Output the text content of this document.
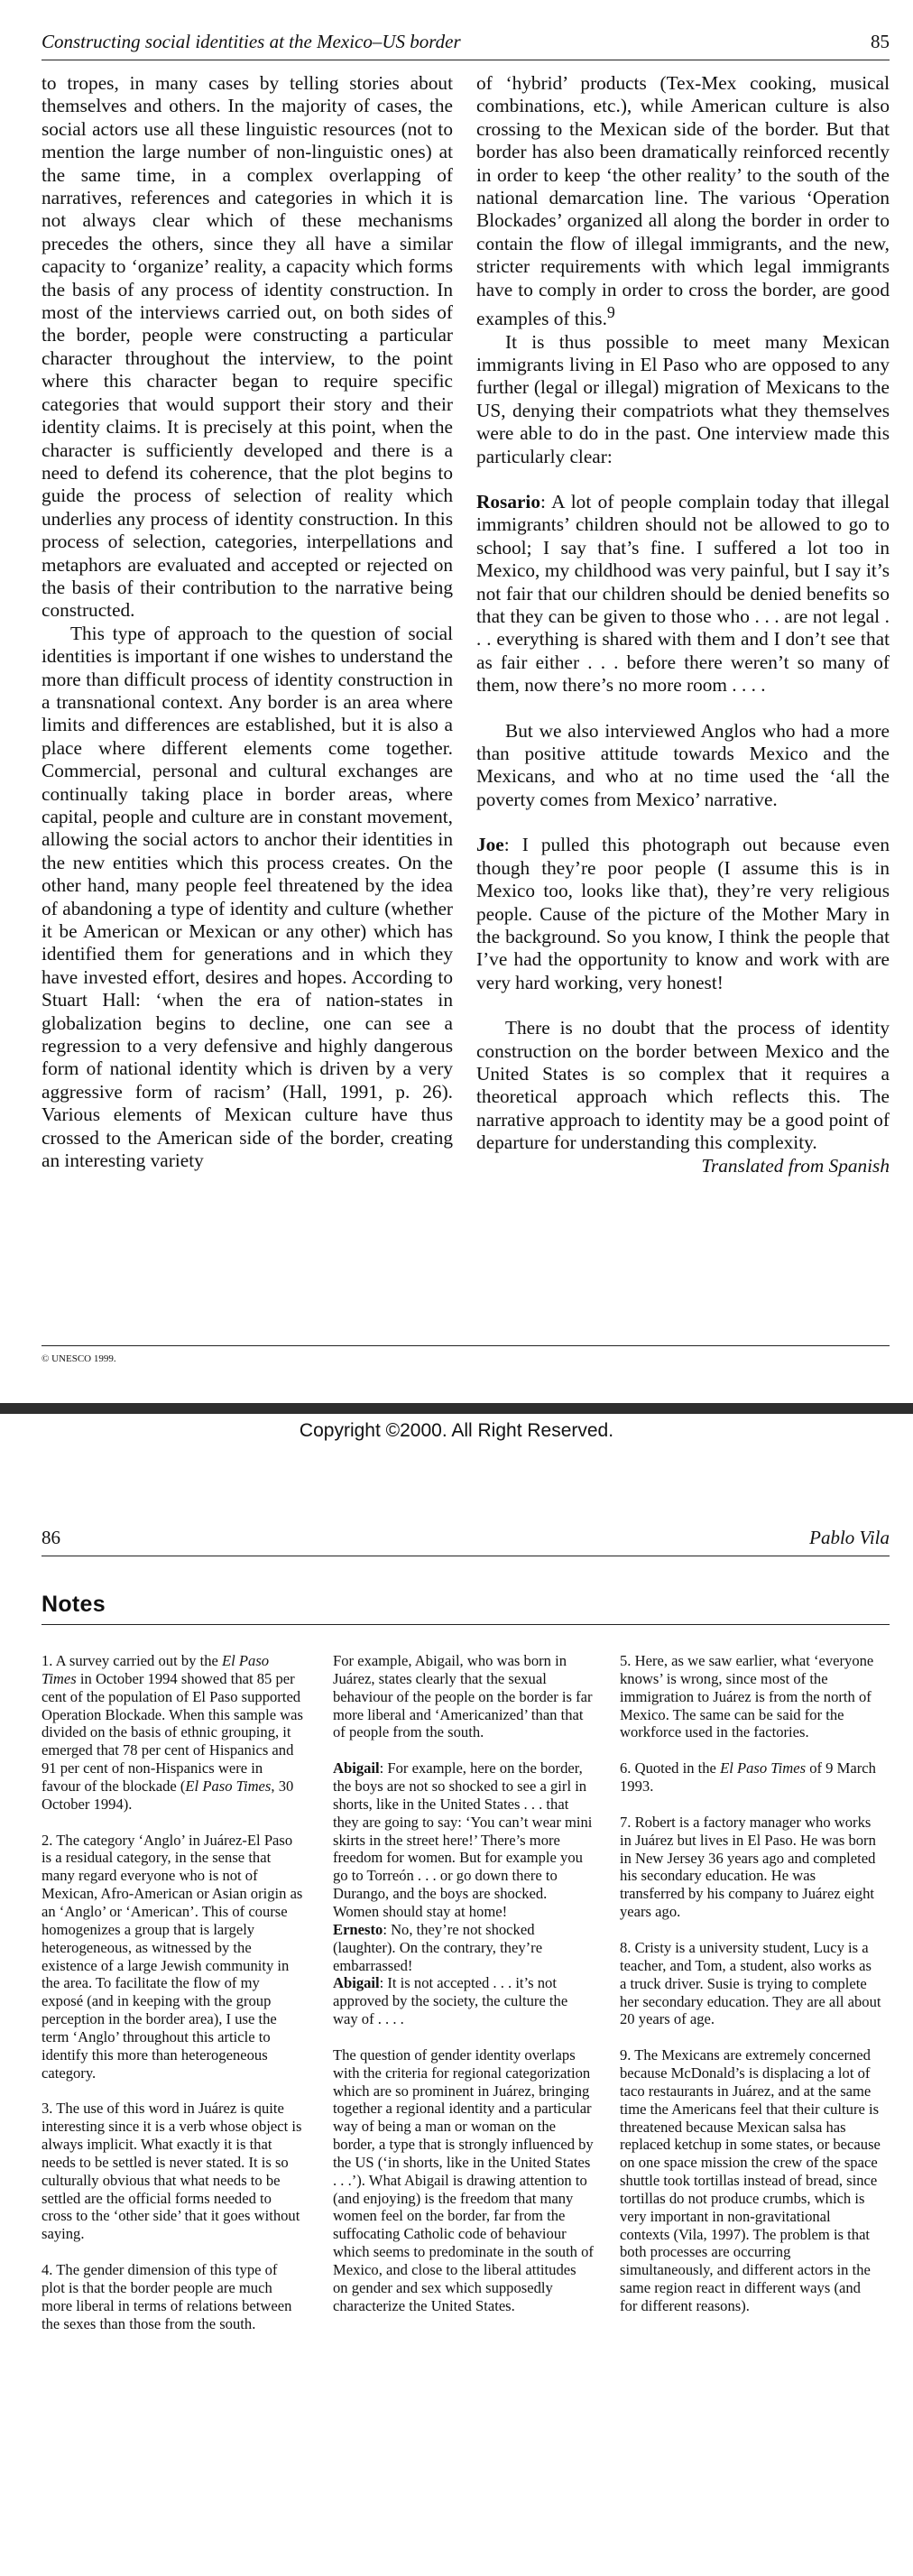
Constructing social identities at the Mexico–US border	85

to tropes, in many cases by telling stories about themselves and others. In the majority of cases, the social actors use all these linguistic resources (not to mention the large number of non-linguistic ones) at the same time, in a complex overlapping of narratives, references and categories in which it is not always clear which of these mechanisms precedes the others, since they all have a similar capacity to ‘organize’ reality, a capacity which forms the basis of any process of identity construction. In most of the interviews carried out, on both sides of the border, people were constructing a particular character throughout the interview, to the point where this character began to require specific categories that would support their story and their identity claims. It is precisely at this point, when the character is sufficiently developed and there is a need to defend its coherence, that the plot begins to guide the process of selection of reality which underlies any process of identity construction. In this process of selection, categories, interpellations and metaphors are evaluated and accepted or rejected on the basis of their contribution to the narrative being constructed.

This type of approach to the question of social identities is important if one wishes to understand the more than difficult process of identity construction in a transnational context. Any border is an area where limits and differences are established, but it is also a place where different elements come together. Commercial, personal and cultural exchanges are continually taking place in border areas, where capital, people and culture are in constant movement, allowing the social actors to anchor their identities in the new entities which this process creates. On the other hand, many people feel threatened by the idea of abandoning a type of identity and culture (whether it be American or Mexican or any other) which has identified them for generations and in which they have invested effort, desires and hopes. According to Stuart Hall: ‘when the era of nation-states in globalization begins to decline, one can see a regression to a very defensive and highly dangerous form of national identity which is driven by a very aggressive form of racism’ (Hall, 1991, p. 26). Various elements of Mexican culture have thus crossed to the American side of the border, creating an interesting variety

of ‘hybrid’ products (Tex-Mex cooking, musical combinations, etc.), while American culture is also crossing to the Mexican side of the border. But that border has also been dramatically reinforced recently in order to keep ‘the other reality’ to the south of the national demarcation line. The various ‘Operation Blockades’ organized all along the border in order to contain the flow of illegal immigrants, and the new, stricter requirements with which legal immigrants have to comply in order to cross the border, are good examples of this.$^9$

It is thus possible to meet many Mexican immigrants living in El Paso who are opposed to any further (legal or illegal) migration of Mexicans to the US, denying their compatriots what they themselves were able to do in the past. One interview made this particularly clear:

Rosario: A lot of people complain today that illegal immigrants’ children should not be allowed to go to school; I say that’s fine. I suffered a lot too in Mexico, my childhood was very painful, but I say it’s not fair that our children should be denied benefits so that they can be given to those who . . . are not legal . . . everything is shared with them and I don’t see that as fair either . . . before there weren’t so many of them, now there’s no more room . . . .

But we also interviewed Anglos who had a more than positive attitude towards Mexico and the Mexicans, and who at no time used the ‘all the poverty comes from Mexico’ narrative.

Joe: I pulled this photograph out because even though they’re poor people (I assume this is in Mexico too, looks like that), they’re very religious people. Cause of the picture of the Mother Mary in the background. So you know, I think the people that I’ve had the opportunity to know and work with are very hard working, very honest!

There is no doubt that the process of identity construction on the border between Mexico and the United States is so complex that it requires a theoretical approach which reflects this. The narrative approach to identity may be a good point of departure for understanding this complexity.

Translated from Spanish

© UNESCO 1999.
Copyright ©2000. All Right Reserved.
86	Pablo Vila
Notes

1. A survey carried out by the El Paso Times in October 1994 showed that 85 per cent of the population of El Paso supported Operation Blockade. When this sample was divided on the basis of ethnic grouping, it emerged that 78 per cent of Hispanics and 91 per cent of non-Hispanics were in favour of the blockade (El Paso Times, 30 October 1994).

2. The category ‘Anglo’ in Juárez-El Paso is a residual category, in the sense that many regard everyone who is not of Mexican, Afro-American or Asian origin as an ‘Anglo’ or ‘American’. This of course homogenizes a group that is largely heterogeneous, as witnessed by the existence of a large Jewish community in the area. To facilitate the flow of my exposé (and in keeping with the group perception in the border area), I use the term ‘Anglo’ throughout this article to identify this more than heterogeneous category.

3. The use of this word in Juárez is quite interesting since it is a verb whose object is always implicit. What exactly it is that needs to be settled is never stated. It is so culturally obvious that what needs to be settled are the official forms needed to cross to the ‘other side’ that it goes without saying.

4. The gender dimension of this type of plot is that the border people are much more liberal in terms of relations between the sexes than those from the south.

For example, Abigail, who was born in Juárez, states clearly that the sexual behaviour of the people on the border is far more liberal and ‘Americanized’ than that of people from the south.

Abigail: For example, here on the border, the boys are not so shocked to see a girl in shorts, like in the United States . . . that they are going to say: ‘You can’t wear mini skirts in the street here!’ There’s more freedom for women. But for example you go to Torreón . . . or go down there to Durango, and the boys are shocked. Women should stay at home!

Ernesto: No, they’re not shocked (laughter). On the contrary, they’re embarrassed!

Abigail: It is not accepted . . . it’s not approved by the society, the culture the way of . . . .

The question of gender identity overlaps with the criteria for regional categorization which are so prominent in Juárez, bringing together a regional identity and a particular way of being a man or woman on the border, a type that is strongly influenced by the US (‘in shorts, like in the United States . . .’). What Abigail is drawing attention to (and enjoying) is the freedom that many women feel on the border, far from the suffocating Catholic code of behaviour which seems to predominate in the south of Mexico, and close to the liberal attitudes on gender and sex which supposedly characterize the United States.

5. Here, as we saw earlier, what ‘everyone knows’ is wrong, since most of the immigration to Juárez is from the north of Mexico. The same can be said for the workforce used in the factories.

6. Quoted in the El Paso Times of 9 March 1993.

7. Robert is a factory manager who works in Juárez but lives in El Paso. He was born in New Jersey 36 years ago and completed his secondary education. He was transferred by his company to Juárez eight years ago.

8. Cristy is a university student, Lucy is a teacher, and Tom, a student, also works as a truck driver. Susie is trying to complete her secondary education. They are all about 20 years of age.

9. The Mexicans are extremely concerned because McDonald’s is displacing a lot of taco restaurants in Juárez, and at the same time the Americans feel that their culture is threatened because Mexican salsa has replaced ketchup in some states, or because on one space mission the crew of the space shuttle took tortillas instead of bread, since tortillas do not produce crumbs, which is very important in non-gravitational contexts (Vila, 1997). The problem is that both processes are occurring simultaneously, and different actors in the same region react in different ways (and for different reasons).
